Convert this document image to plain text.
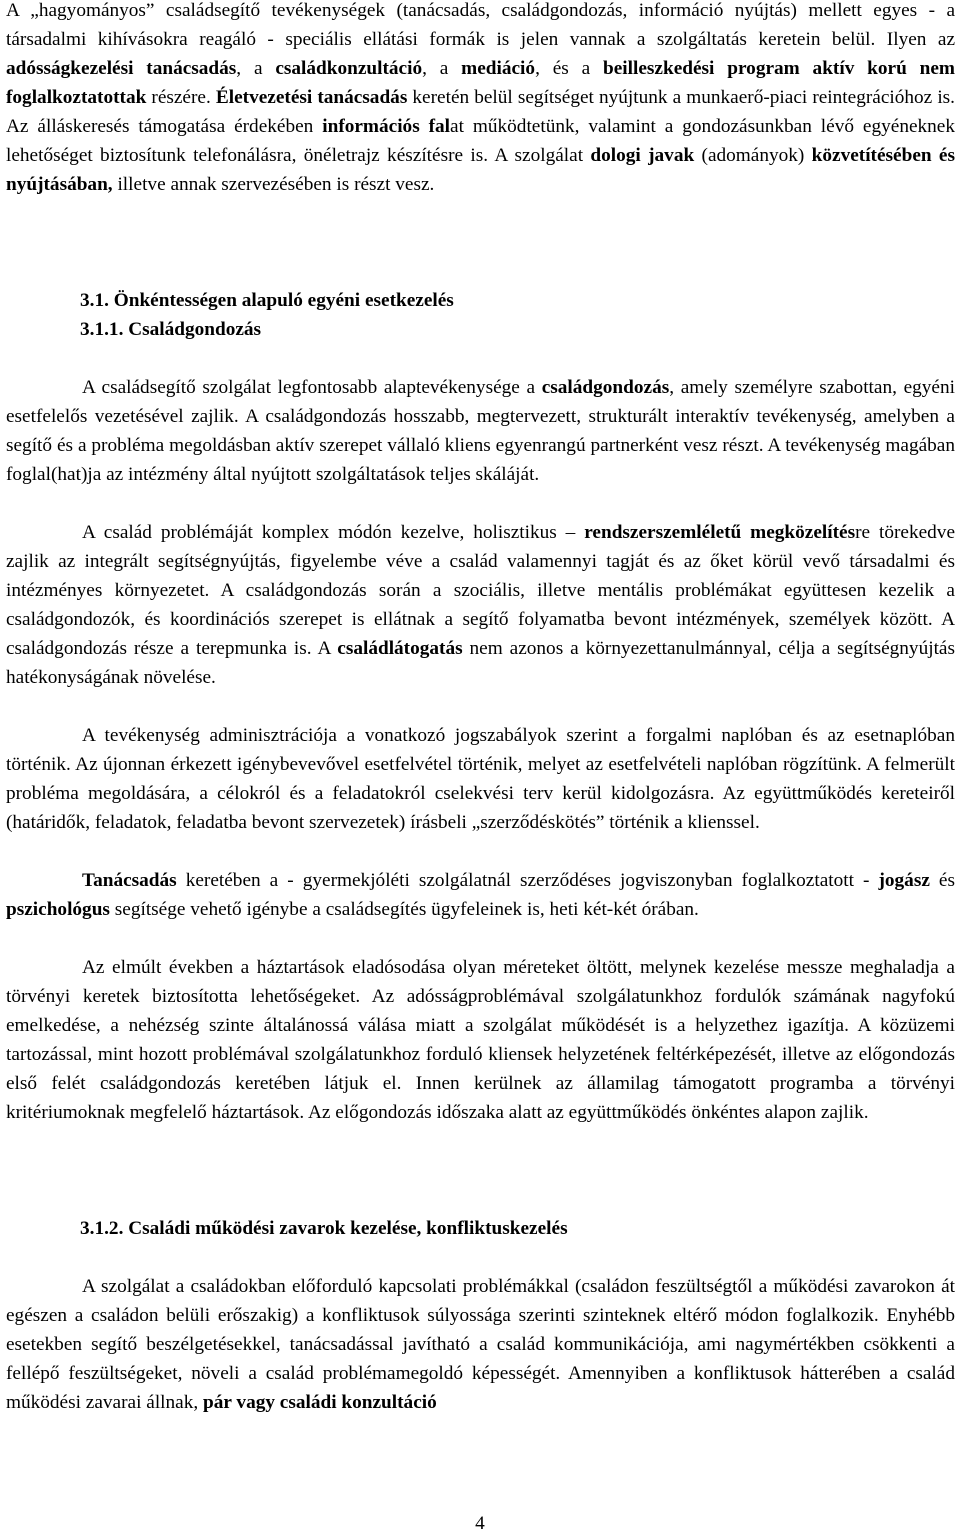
A „hagyományos” családsegítő tevékenységek (tanácsadás, családgondozás, információ nyújtás) mellett egyes - a társadalmi kihívásokra reagáló - speciális ellátási formák is jelen vannak a szolgáltatás keretein belül. Ilyen az adósságkezelési tanácsadás, a családkonzultáció, a mediáció, és a beilleszkedési program aktív korú nem foglalkoztatottak részére. Életvezetési tanácsadás keretén belül segítséget nyújtunk a munkaerő-piaci reintegrációhoz is. Az álláskeresés támogatása érdekében információs falat működtetünk, valamint a gondozásunkban lévő egyéneknek lehetőséget biztosítunk telefonálásra, önéletrajz készítésre is. A szolgálat dologi javak (adományok) közvetítésében és nyújtásában, illetve annak szervezésében is részt vesz.

3.1. Önkéntességen alapuló egyéni esetkezelés
3.1.1. Családgondozás

A családsegítő szolgálat legfontosabb alaptevékenysége a családgondozás, amely személyre szabottan, egyéni esetfelelős vezetésével zajlik. A családgondozás hosszabb, megtervezett, strukturált interaktív tevékenység, amelyben a segítő és a probléma megoldásban aktív szerepet vállaló kliens egyenrangú partnerként vesz részt. A tevékenység magában foglal(hat)ja az intézmény által nyújtott szolgáltatások teljes skáláját.

A család problémáját komplex módón kezelve, holisztikus – rendszerszemléletű megközelítésre törekedve zajlik az integrált segítségnyújtás, figyelembe véve a család valamennyi tagját és az őket körül vevő társadalmi és intézményes környezetet. A családgondozás során a szociális, illetve mentális problémákat együttesen kezelik a családgondozók, és koordinációs szerepet is ellátnak a segítő folyamatba bevont intézmények, személyek között. A családgondozás része a terepmunka is. A családlátogatás nem azonos a környezettanulmánnyal, célja a segítségnyújtás hatékonyságának növelése.

A tevékenység adminisztrációja a vonatkozó jogszabályok szerint a forgalmi naplóban és az esetnaplóban történik. Az újonnan érkezett igénybevevővel esetfelvétel történik, melyet az esetfelvételi naplóban rögzítünk. A felmerült probléma megoldására, a célokról és a feladatokról cselekvési terv kerül kidolgozásra. Az együttműködés kereteiről (határidők, feladatok, feladatba bevont szervezetek) írásbeli „szerződéskötés” történik a klienssel.

Tanácsadás keretében a - gyermekjóléti szolgálatnál szerződéses jogviszonyban foglalkoztatott - jogász és pszichológus segítsége vehető igénybe a családsegítés ügyfeleinek is, heti két-két órában.

Az elmúlt években a háztartások eladósodása olyan méreteket öltött, melynek kezelése messze meghaladja a törvényi keretek biztosította lehetőségeket. Az adósságproblémával szolgálatunkhoz fordulók számának nagyfokú emelkedése, a nehézség szinte általánossá válása miatt a szolgálat működését is a helyzethez igazítja. A közüzemi tartozással, mint hozott problémával szolgálatunkhoz forduló kliensek helyzetének feltérképezését, illetve az előgondozás első felét családgondozás keretében látjuk el. Innen kerülnek az államilag támogatott programba a törvényi kritériumoknak megfelelő háztartások. Az előgondozás időszaka alatt az együttműködés önkéntes alapon zajlik.

3.1.2. Családi működési zavarok kezelése, konfliktuskezelés

A szolgálat a családokban előforduló kapcsolati problémákkal (családon feszültségtől a működési zavarokon át egészen a családon belüli erőszakig) a konfliktusok súlyossága szerinti szinteknek eltérő módon foglalkozik. Enyhébb esetekben segítő beszélgetésekkel, tanácsadással javítható a család kommunikációja, ami nagymértékben csökkenti a fellépő feszültségeket, növeli a család problémamegoldó képességét. Amennyiben a konfliktusok hátterében a család működési zavarai állnak, pár vagy családi konzultáció

4
